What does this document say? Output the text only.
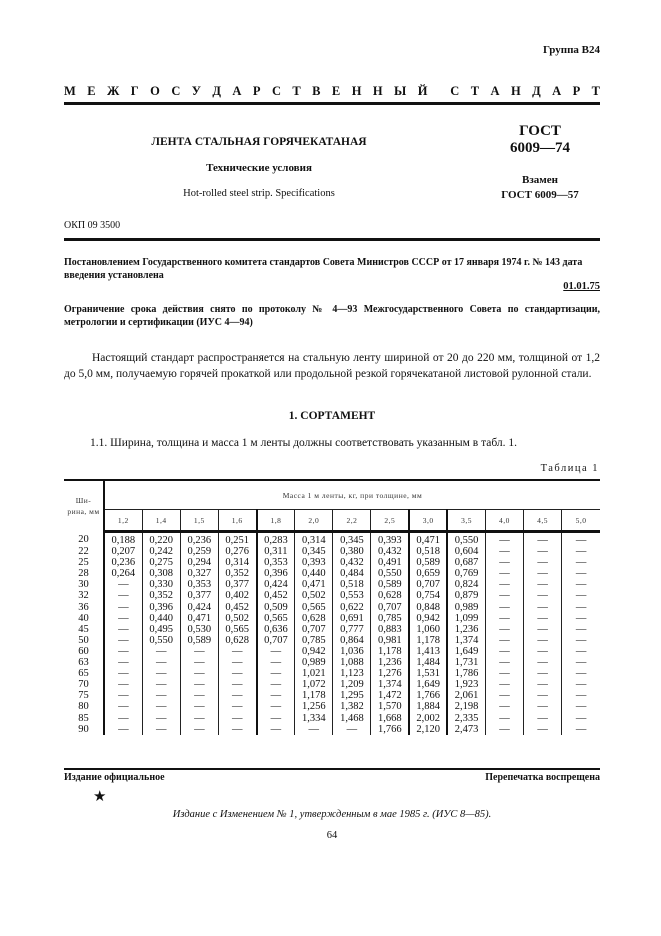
Группа В24
М Е Ж Г О С У Д А Р С Т В Е Н Н Ы Й С Т А Н Д А Р Т
ЛЕНТА СТАЛЬНАЯ ГОРЯЧЕКАТАНАЯ
Технические условия
Hot-rolled steel strip. Specifications
ГОСТ
6009—74
Взамен
ГОСТ 6009—57
ОКП 09 3500
Постановлением Государственного комитета стандартов Совета Министров СССР от 17 января 1974 г. № 143 дата введения установлена
01.01.75
Ограничение срока действия снято по протоколу № 4—93 Межгосударственного Совета по стандартизации, метрологии и сертификации (ИУС 4—94)
Настоящий стандарт распространяется на стальную ленту шириной от 20 до 220 мм, толщиной от 1,2 до 5,0 мм, получаемую горячей прокаткой или продольной резкой горячекатаной листовой рулонной стали.
1. СОРТАМЕНТ
1.1. Ширина, толщина и масса 1 м ленты должны соответствовать указанным в табл. 1.
Таблица 1
Ши-рина, мм	Масса 1 м ленты, кг, при толщине, мм												
	1,2	1,4	1,5	1,6	1,8	2,0	2,2	2,5	3,0	3,5	4,0	4,5	5,0
20	0,188	0,220	0,236	0,251	0,283	0,314	0,345	0,393	0,471	0,550	—	—	—
22	0,207	0,242	0,259	0,276	0,311	0,345	0,380	0,432	0,518	0,604	—	—	—
25	0,236	0,275	0,294	0,314	0,353	0,393	0,432	0,491	0,589	0,687	—	—	—
28	0,264	0,308	0,327	0,352	0,396	0,440	0,484	0,550	0,659	0,769	—	—	—
30	—	0,330	0,353	0,377	0,424	0,471	0,518	0,589	0,707	0,824	—	—	—
32	—	0,352	0,377	0,402	0,452	0,502	0,553	0,628	0,754	0,879	—	—	—
36	—	0,396	0,424	0,452	0,509	0,565	0,622	0,707	0,848	0,989	—	—	—
40	—	0,440	0,471	0,502	0,565	0,628	0,691	0,785	0,942	1,099	—	—	—
45	—	0,495	0,530	0,565	0,636	0,707	0,777	0,883	1,060	1,236	—	—	—
50	—	0,550	0,589	0,628	0,707	0,785	0,864	0,981	1,178	1,374	—	—	—
60	—	—	—	—	—	0,942	1,036	1,178	1,413	1,649	—	—	—
63	—	—	—	—	—	0,989	1,088	1,236	1,484	1,731	—	—	—
65	—	—	—	—	—	1,021	1,123	1,276	1,531	1,786	—	—	—
70	—	—	—	—	—	1,072	1,209	1,374	1,649	1,923	—	—	—
75	—	—	—	—	—	1,178	1,295	1,472	1,766	2,061	—	—	—
80	—	—	—	—	—	1,256	1,382	1,570	1,884	2,198	—	—	—
85	—	—	—	—	—	1,334	1,468	1,668	2,002	2,335	—	—	—
90	—	—	—	—	—	—	—	1,766	2,120	2,473	—	—	—
Издание официальное	Перепечатка воспрещена
★
Издание с Изменением № 1, утвержденным в мае 1985 г. (ИУС 8—85).
64
